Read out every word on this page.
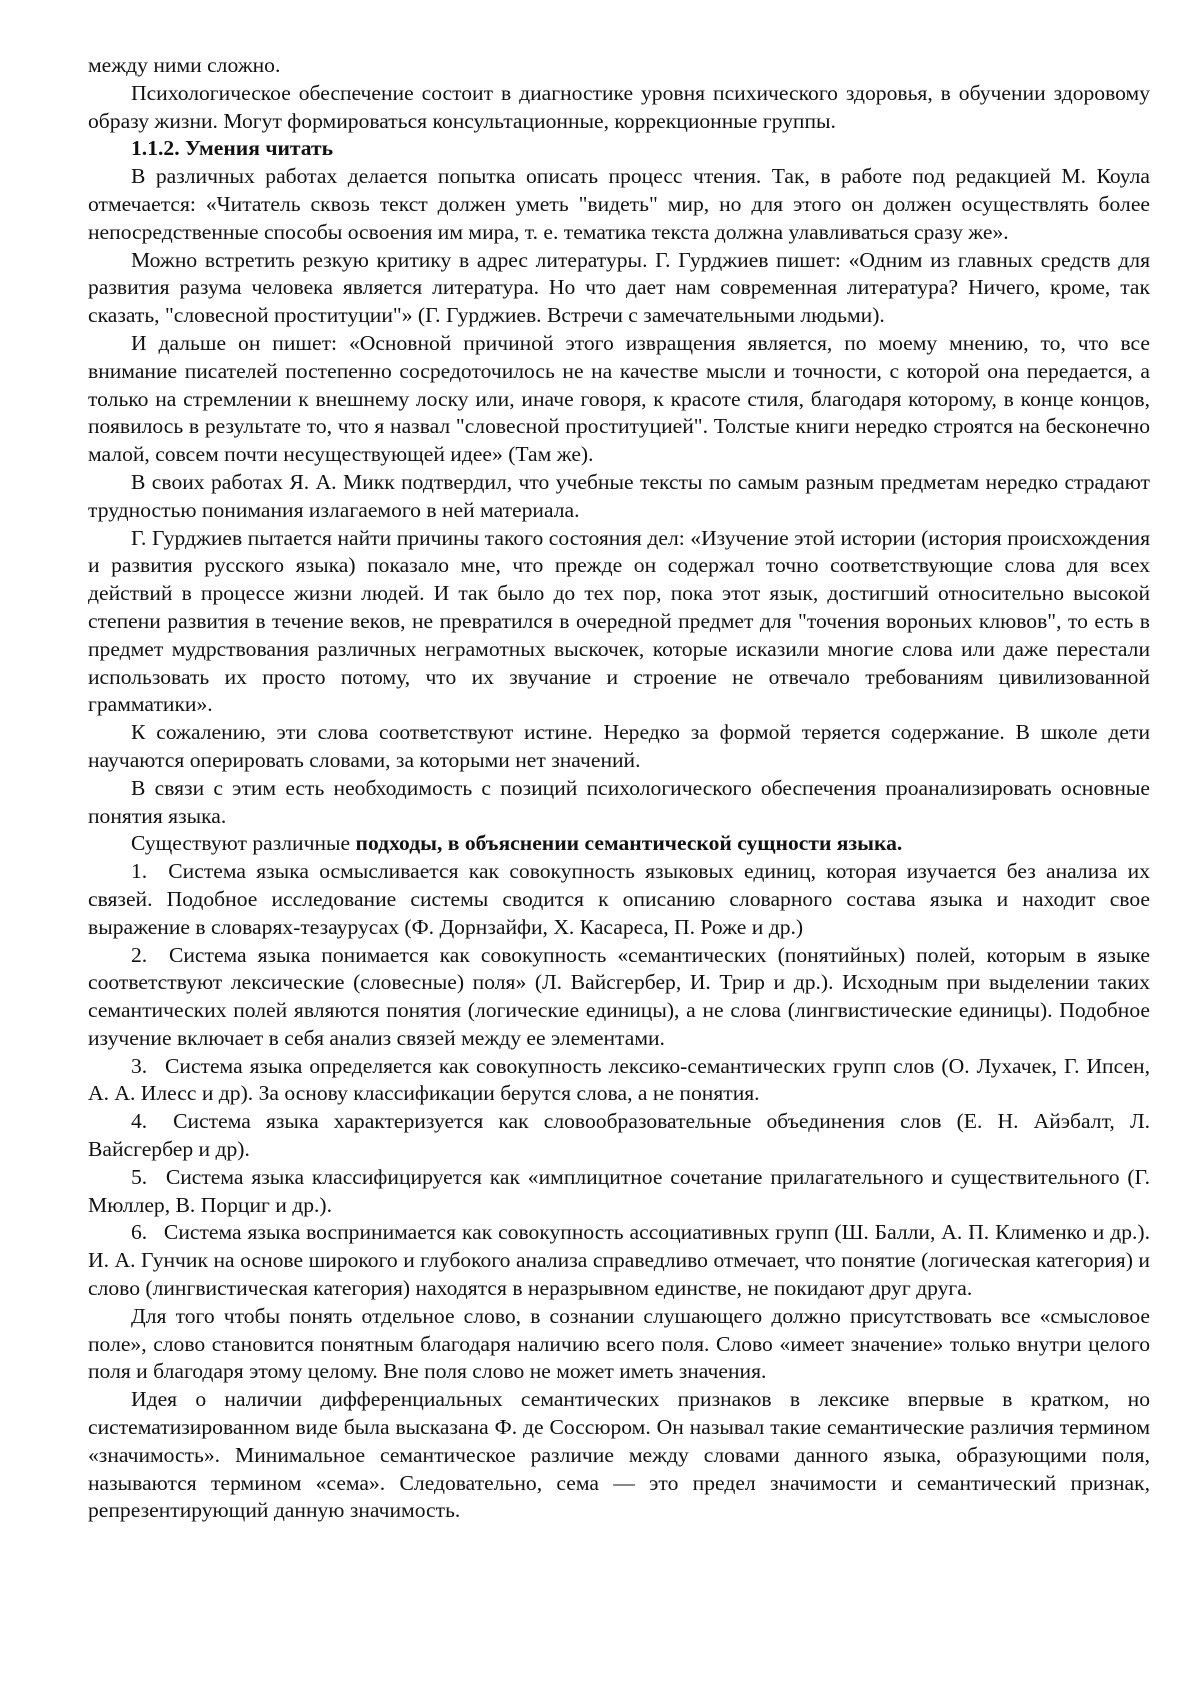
между ними сложно.

Психологическое обеспечение состоит в диагностике уровня психического здоровья, в обучении здоровому образу жизни. Могут формироваться консультационные, коррекционные группы.

1.1.2. Умения читать

В различных работах делается попытка описать процесс чтения. Так, в работе под редакцией М. Коула отмечается: «Читатель сквозь текст должен уметь "видеть" мир, но для этого он должен осуществлять более непосредственные способы освоения им мира, т. е. тематика текста должна улавливаться сразу же».

Можно встретить резкую критику в адрес литературы. Г. Гурджиев пишет: «Одним из главных средств для развития разума человека является литература. Но что дает нам современная литература? Ничего, кроме, так сказать, "словесной проституции"» (Г. Гурджиев. Встречи с замечательными людьми).

И дальше он пишет: «Основной причиной этого извращения является, по моему мнению, то, что все внимание писателей постепенно сосредоточилось не на качестве мысли и точности, с которой она передается, а только на стремлении к внешнему лоску или, иначе говоря, к красоте стиля, благодаря которому, в конце концов, появилось в результате то, что я назвал "словесной проституцией". Толстые книги нередко строятся на бесконечно малой, совсем почти несуществующей идее» (Там же).

В своих работах Я. А. Микк подтвердил, что учебные тексты по самым разным предметам нередко страдают трудностью понимания излагаемого в ней материала.

Г. Гурджиев пытается найти причины такого состояния дел: «Изучение этой истории (история происхождения и развития русского языка) показало мне, что прежде он содержал точно соответствующие слова для всех действий в процессе жизни людей. И так было до тех пор, пока этот язык, достигший относительно высокой степени развития в течение веков, не превратился в очередной предмет для "точения вороньих клювов", то есть в предмет мудрствования различных неграмотных выскочек, которые исказили многие слова или даже перестали использовать их просто потому, что их звучание и строение не отвечало требованиям цивилизованной грамматики».

К сожалению, эти слова соответствуют истине. Нередко за формой теряется содержание. В школе дети научаются оперировать словами, за которыми нет значений.

В связи с этим есть необходимость с позиций психологического обеспечения проанализировать основные понятия языка.

Существуют различные подходы, в объяснении семантической сущности языка.

1. Система языка осмысливается как совокупность языковых единиц, которая изучается без анализа их связей. Подобное исследование системы сводится к описанию словарного состава языка и находит свое выражение в словарях-тезаурусах (Ф. Дорнзайфи, Х. Касареса, П. Роже и др.)

2. Система языка понимается как совокупность «семантических (понятийных) полей, которым в языке соответствуют лексические (словесные) поля» (Л. Вайсгербер, И. Трир и др.). Исходным при выделении таких семантических полей являются понятия (логические единицы), а не слова (лингвистические единицы). Подобное изучение включает в себя анализ связей между ее элементами.

3. Система языка определяется как совокупность лексико-семантических групп слов (О. Лухачек, Г. Ипсен, А. А. Илесс и др). За основу классификации берутся слова, а не понятия.

4. Система языка характеризуется как словообразовательные объединения слов (Е. Н. Айэбалт, Л. Вайсгербер и др).

5. Система языка классифицируется как «имплицитное сочетание прилагательного и существительного (Г. Мюллер, В. Порциг и др.).

6. Система языка воспринимается как совокупность ассоциативных групп (Ш. Балли, А. П. Клименко и др.). И. А. Гунчик на основе широкого и глубокого анализа справедливо отмечает, что понятие (логическая категория) и слово (лингвистическая категория) находятся в неразрывном единстве, не покидают друг друга.

Для того чтобы понять отдельное слово, в сознании слушающего должно присутствовать все «смысловое поле», слово становится понятным благодаря наличию всего поля. Слово «имеет значение» только внутри целого поля и благодаря этому целому. Вне поля слово не может иметь значения.

Идея о наличии дифференциальных семантических признаков в лексике впервые в кратком, но систематизированном виде была высказана Ф. де Соссюром. Он называл такие семантические различия термином «значимость». Минимальное семантическое различие между словами данного языка, образующими поля, называются термином «сема». Следовательно, сема — это предел значимости и семантический признак, репрезентирующий данную значимость.
